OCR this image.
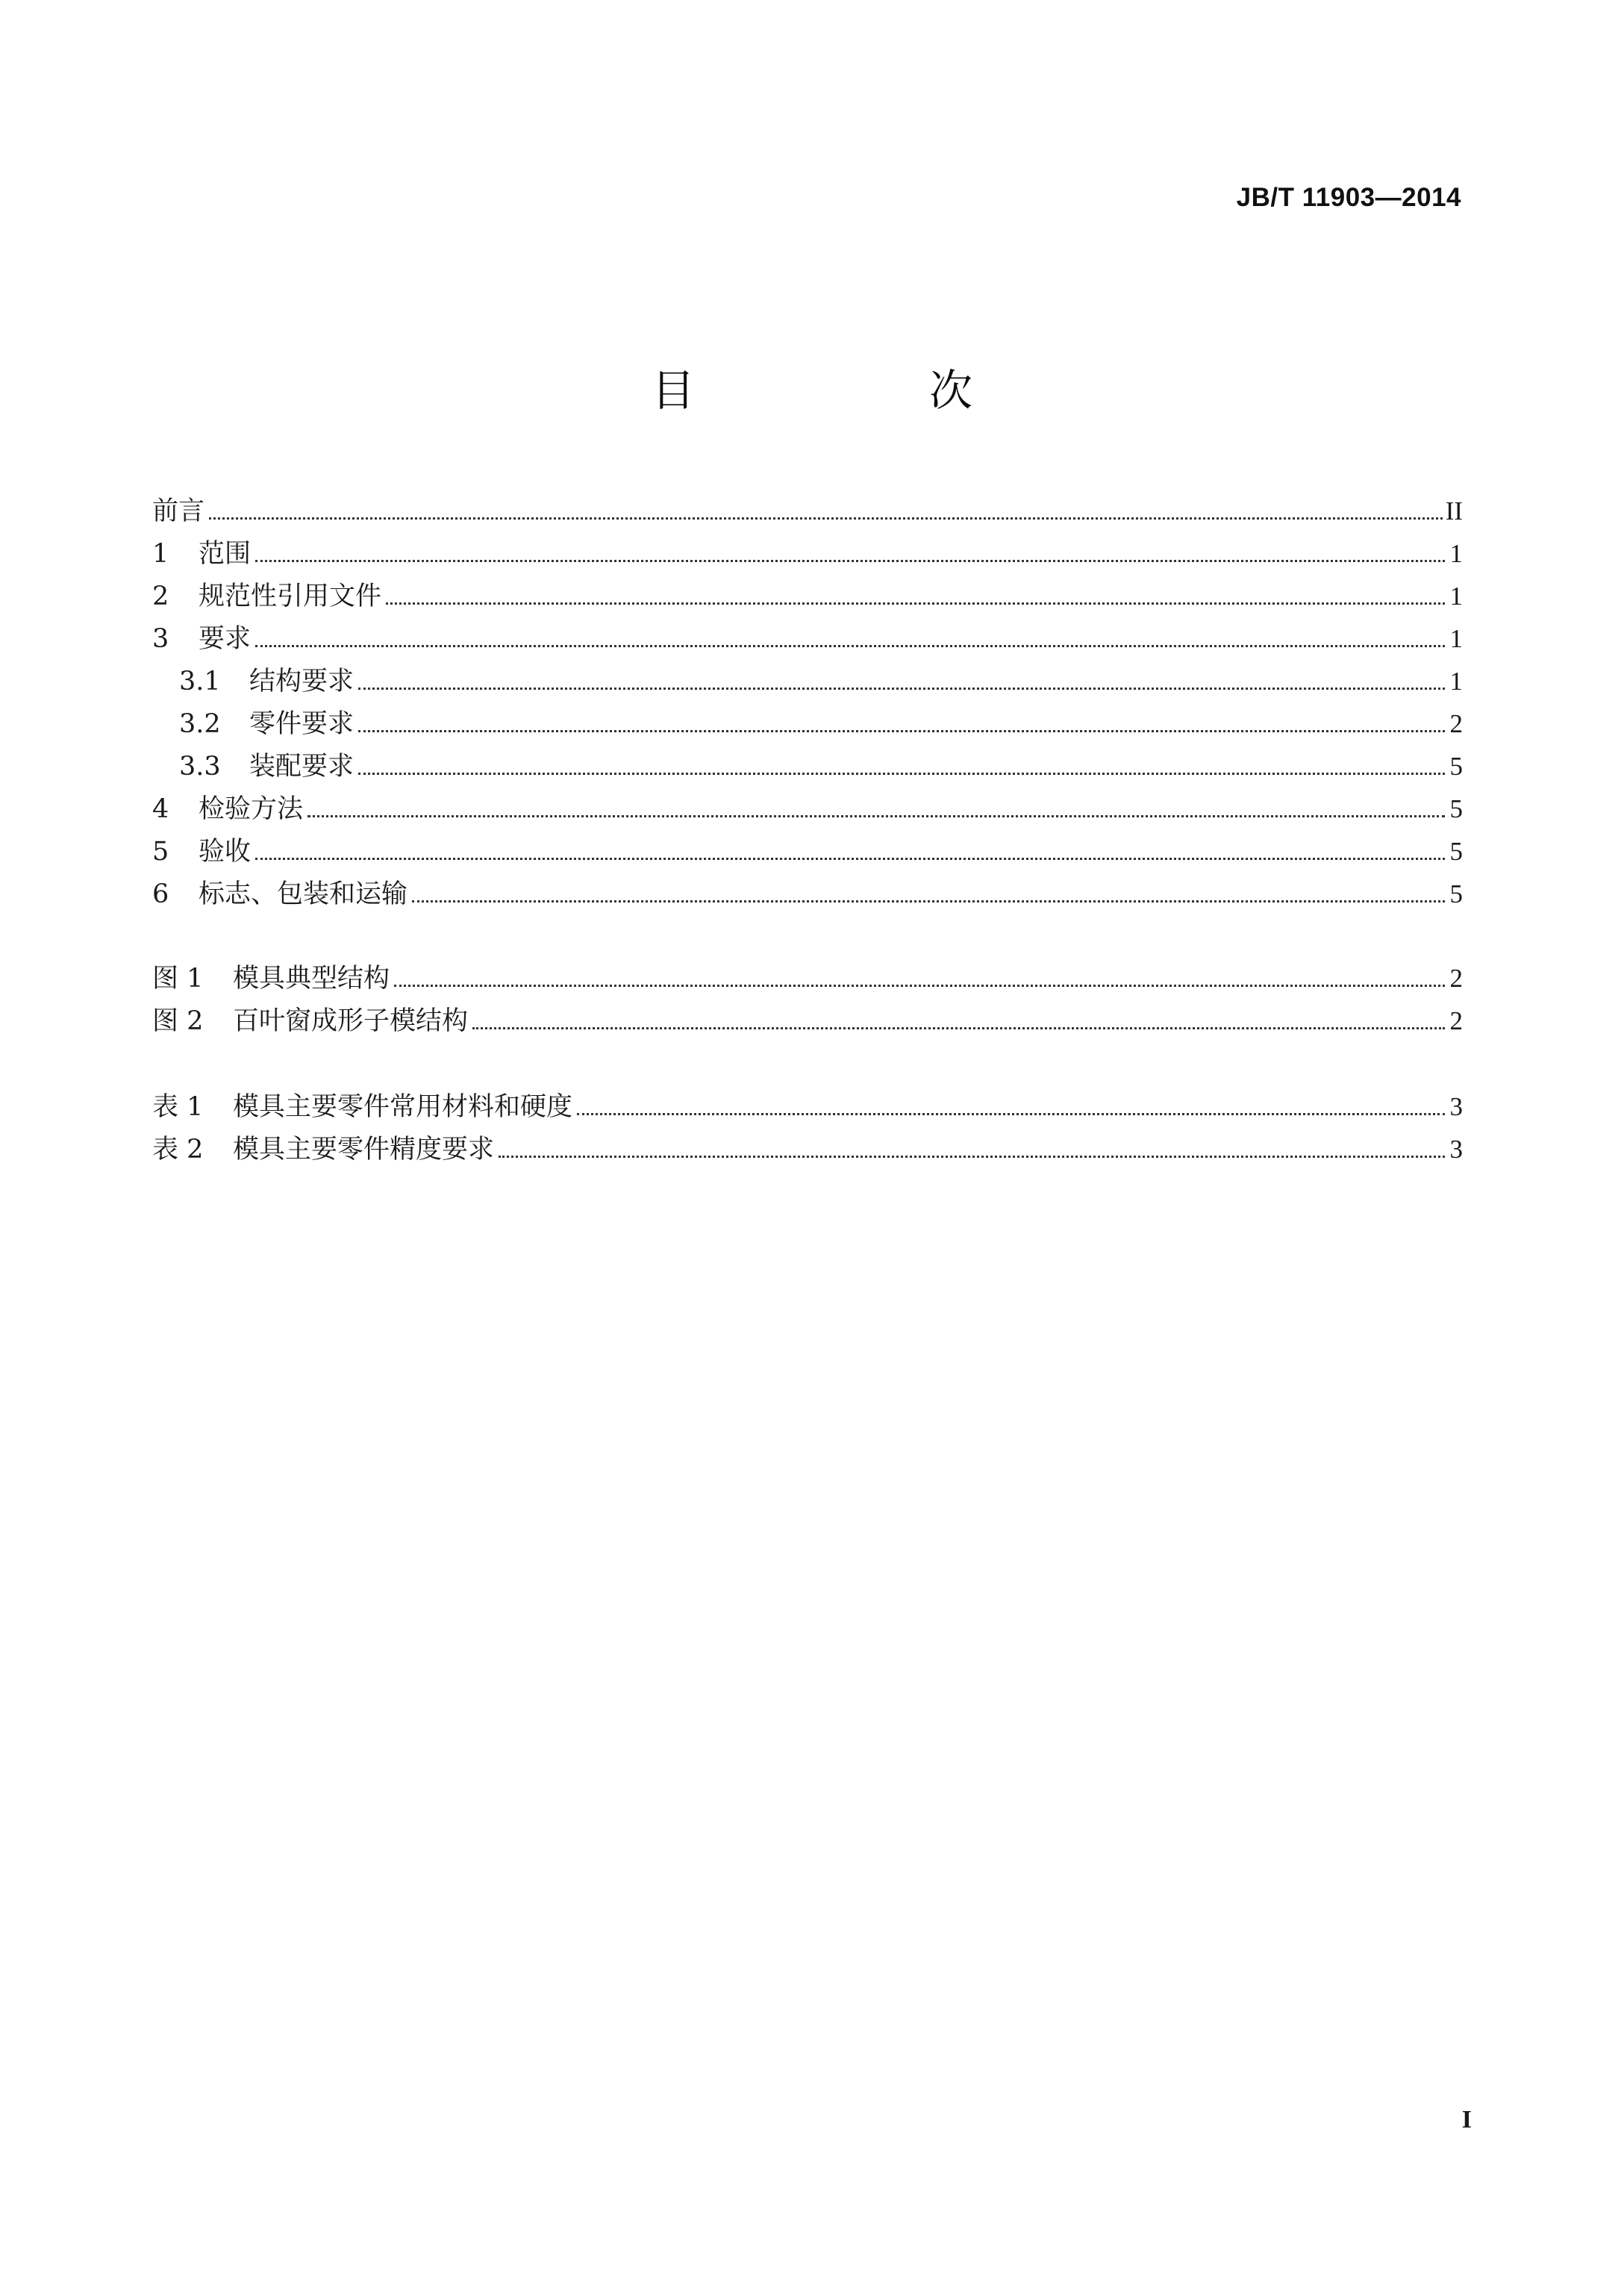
JB/T 11903—2014
目　次
前言	II
1	范围	1
2	规范性引用文件	1
3	要求	1
3.1	结构要求	1
3.2	零件要求	2
3.3	装配要求	5
4	检验方法	5
5	验收	5
6	标志、包装和运输	5
图 1	模具典型结构	2
图 2	百叶窗成形子模结构	2
表 1	模具主要零件常用材料和硬度	3
表 2	模具主要零件精度要求	3
I
